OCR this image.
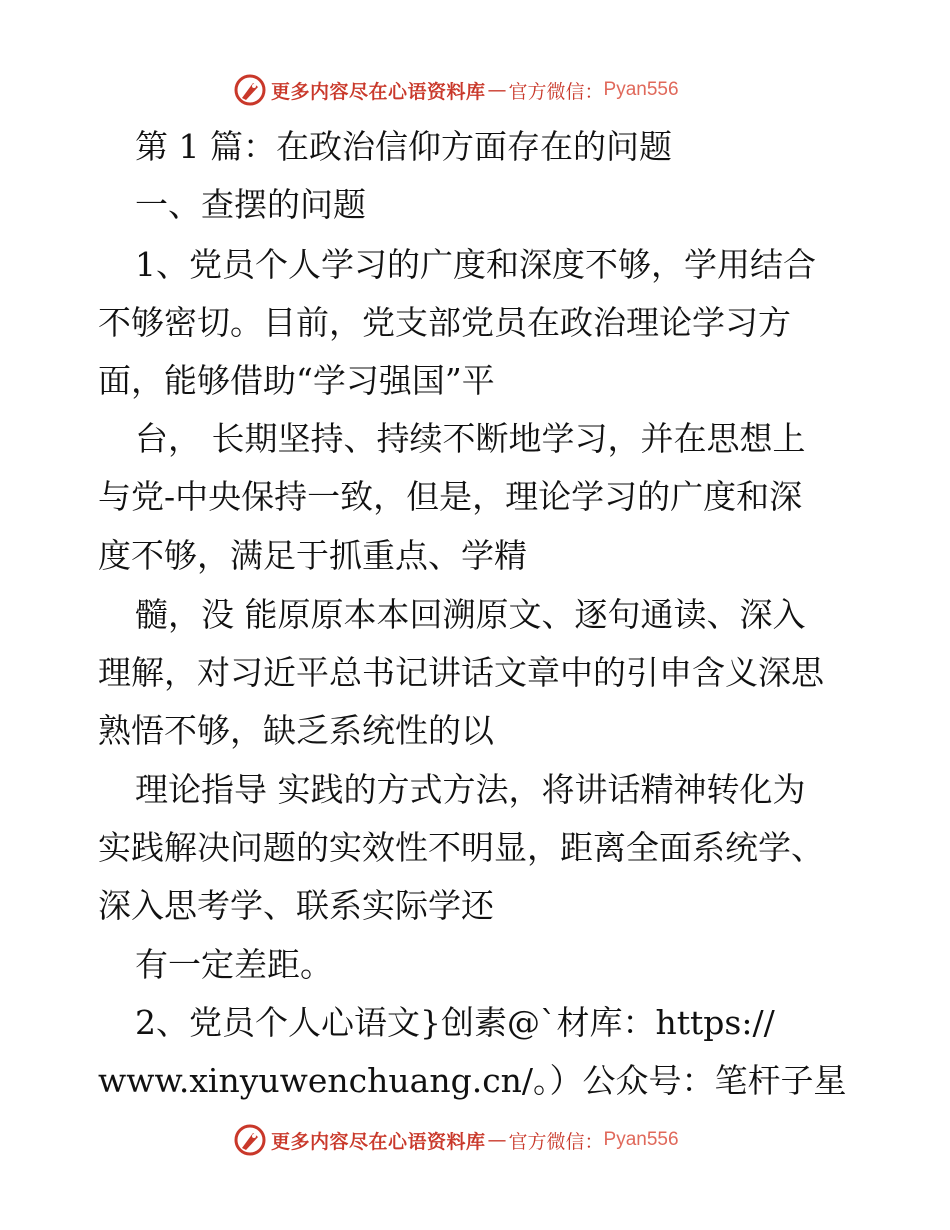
更多内容尽在心语资料库 — 官方微信： Pyan556
第 1 篇：在政治信仰方面存在的问题
一、查摆的问题
1、党员个人学习的广度和深度不够，学用结合
不够密切。目前，党支部党员在政治理论学习方
面，能够借助“学习强国”平
台， 长期坚持、持续不断地学习，并在思想上
与党-中央保持一致，但是，理论学习的广度和深
度不够，满足于抓重点、学精
髓，没 能原原本本回溯原文、逐句通读、深入
理解，对习近平总书记讲话文章中的引申含义深思
熟悟不够，缺乏系统性的以
理论指导 实践的方式方法，将讲话精神转化为
实践解决问题的实效性不明显，距离全面系统学、
深入思考学、联系实际学还
有一定差距。
2、党员个人心语文}创素@`材库：https://
www.xinyuwenchuang.cn/。）公众号：笔杆子星
更多内容尽在心语资料库 — 官方微信： Pyan556
